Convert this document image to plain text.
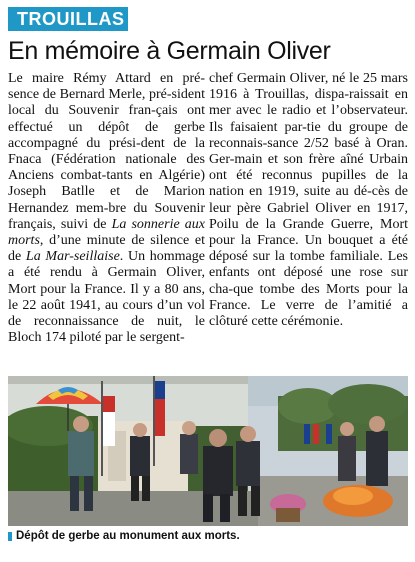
TROUILLAS
En mémoire à Germain Oliver

Le maire Rémy Attard en pré-sence de Bernard Merle, pré-sident local du Souvenir fran-çais ont effectué un dépôt de gerbe accompagné du prési-dent de la Fnaca (Fédération nationale des Anciens combat-tants en Algérie) Joseph Batlle et de Marion Hernandez mem-bre du Souvenir français, suivi de La sonnerie aux morts, d’une minute de silence et de La Mar-seillaise. Un hommage a été rendu à Germain Oliver, Mort pour la France. Il y a 80 ans, le 22 août 1941, au cours d’un vol de reconnaissance de nuit, le Bloch 174 piloté par le sergent-

chef Germain Oliver, né le 25 mars 1916 à Trouillas, dispa-raissait en mer avec le radio et l’observateur. Ils faisaient par-tie du groupe de reconnais-sance 2/52 basé à Oran. Ger-main et son frère aîné Urbain ont été reconnus pupilles de la nation en 1919, suite au dé-cès de leur père Gabriel Oliver en 1917, Poilu de la Grande Guerre, Mort pour la France. Un bouquet a été déposé sur la tombe familiale. Les enfants ont déposé une rose sur cha-que tombe des Morts pour la France. Le verre de l’amitié a clôturé cette cérémonie.

Dépôt de gerbe au monument aux morts.
